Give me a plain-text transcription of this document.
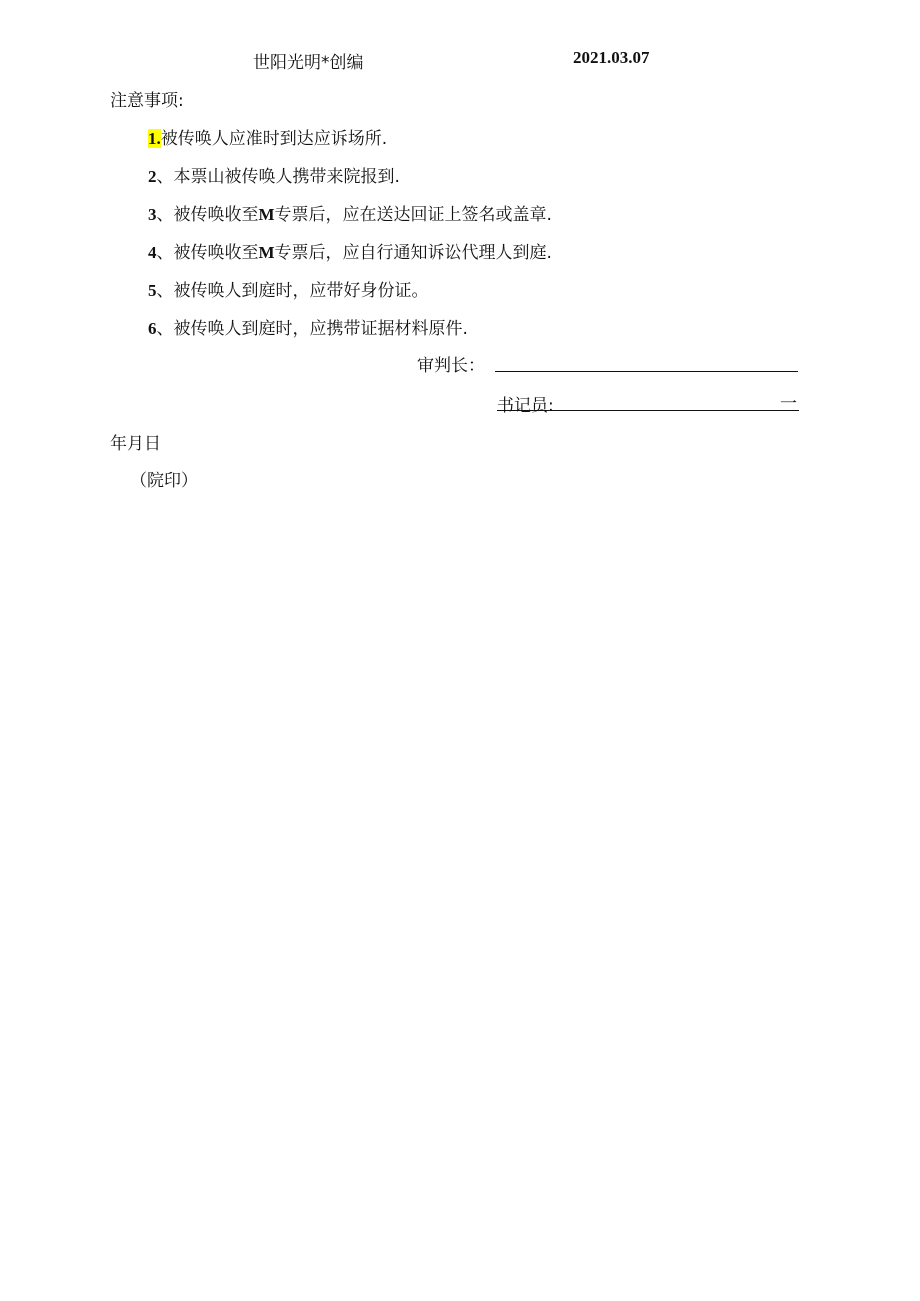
世阳光明*创编	2021.03.07
注意事项:
1.被传唤人应准时到达应诉场所.
2、本票山被传唤人携带来院报到.
3、被传唤收至M专票后，应在送达回证上签名或盖章.
4、被传唤收至M专票后，应自行通知诉讼代理人到庭.
5、被传唤人到庭时，应带好身份证。
6、被传唤人到庭时，应携带证据材料原件.
审判长：
书记员:	一
年月日
（院印）
